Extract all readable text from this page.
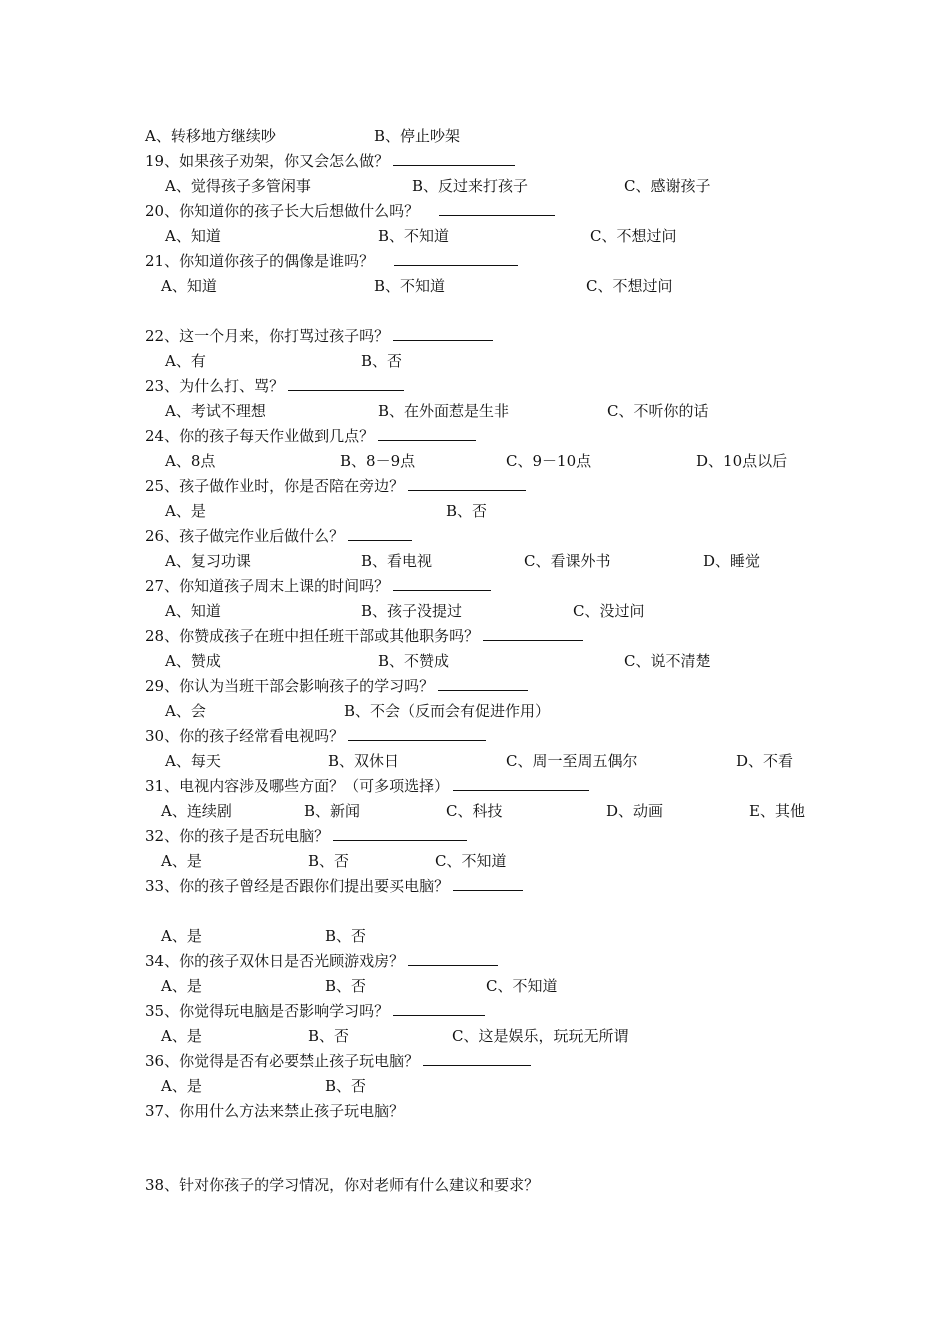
A、转移地方继续吵	B、停止吵架
19、如果孩子劝架，你又会怎么做？
A、觉得孩子多管闲事	B、反过来打孩子	C、感谢孩子
20、你知道你的孩子长大后想做什么吗？
A、知道	B、不知道	C、不想过问
21、你知道你孩子的偶像是谁吗？
A、知道	B、不知道	C、不想过问
22、这一个月来，你打骂过孩子吗？
A、有	B、否
23、为什么打、骂？
A、考试不理想	B、在外面惹是生非	C、不听你的话
24、你的孩子每天作业做到几点？
A、8点	B、8－9点	C、9－10点	D、10点以后
25、孩子做作业时，你是否陪在旁边？
A、是	B、否
26、孩子做完作业后做什么？
A、复习功课	B、看电视	C、看课外书	D、睡觉
27、你知道孩子周末上课的时间吗？
A、知道	B、孩子没提过	C、没过问
28、你赞成孩子在班中担任班干部或其他职务吗？
A、赞成	B、不赞成	C、说不清楚
29、你认为当班干部会影响孩子的学习吗？
A、会	B、不会（反而会有促进作用）
30、你的孩子经常看电视吗？
A、每天	B、双休日	C、周一至周五偶尔	D、不看
31、电视内容涉及哪些方面？（可多项选择）
A、连续剧	B、新闻	C、科技	D、动画	E、其他
32、你的孩子是否玩电脑？
A、是	B、否	C、不知道
33、你的孩子曾经是否跟你们提出要买电脑？
A、是	B、否
34、你的孩子双休日是否光顾游戏房？
A、是	B、否	C、不知道
35、你觉得玩电脑是否影响学习吗？
A、是	B、否	C、这是娱乐，玩玩无所谓
36、你觉得是否有必要禁止孩子玩电脑？
A、是	B、否
37、你用什么方法来禁止孩子玩电脑？
38、针对你孩子的学习情况，你对老师有什么建议和要求？
